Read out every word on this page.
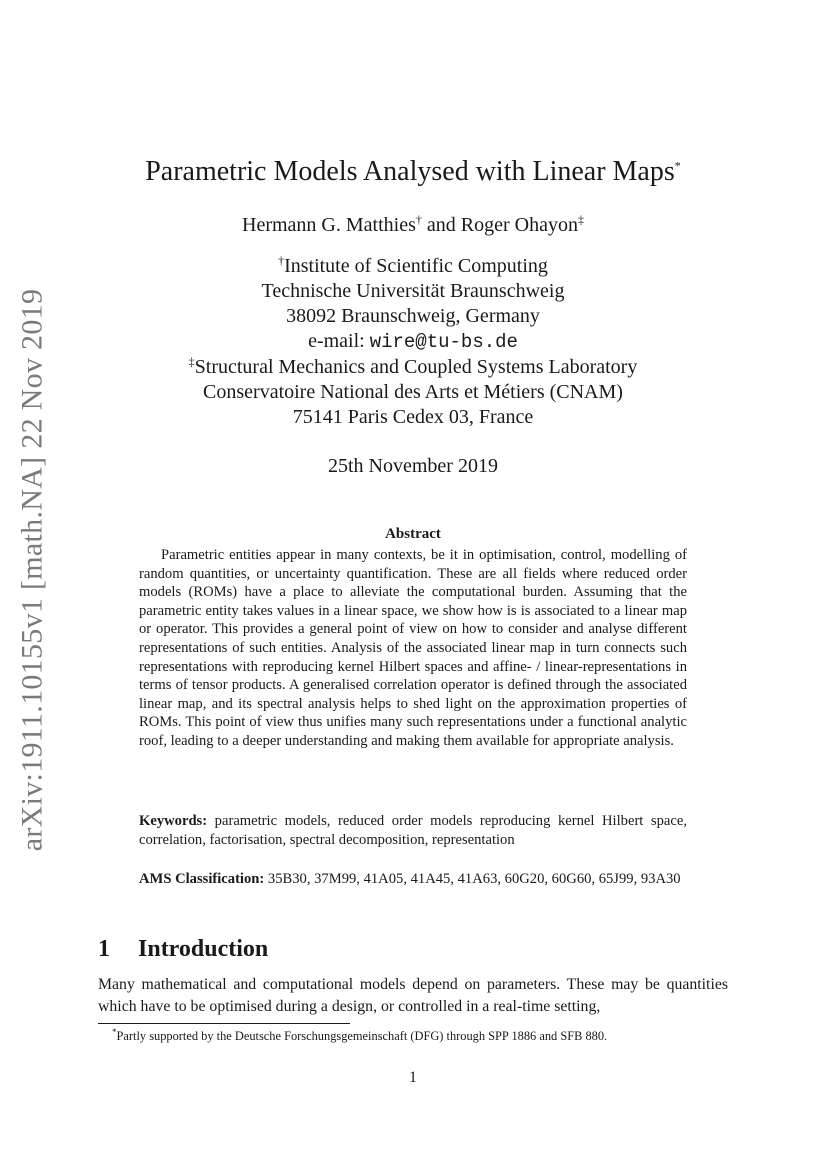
arXiv:1911.10155v1 [math.NA] 22 Nov 2019
Parametric Models Analysed with Linear Maps*
Hermann G. Matthies† and Roger Ohayon‡
†Institute of Scientific Computing
Technische Universität Braunschweig
38092 Braunschweig, Germany
e-mail: wire@tu-bs.de
‡Structural Mechanics and Coupled Systems Laboratory
Conservatoire National des Arts et Métiers (CNAM)
75141 Paris Cedex 03, France
25th November 2019
Abstract

Parametric entities appear in many contexts, be it in optimisation, control, modelling of random quantities, or uncertainty quantification. These are all fields where reduced order models (ROMs) have a place to alleviate the computational burden. Assuming that the parametric entity takes values in a linear space, we show how is is associated to a linear map or operator. This provides a general point of view on how to consider and analyse different representations of such entities. Analysis of the associated linear map in turn connects such representations with reproducing kernel Hilbert spaces and affine- / linear-representations in terms of tensor products. A generalised correlation operator is defined through the associated linear map, and its spectral analysis helps to shed light on the approximation properties of ROMs. This point of view thus unifies many such representations under a functional analytic roof, leading to a deeper understanding and making them available for appropriate analysis.

Keywords: parametric models, reduced order models reproducing kernel Hilbert space, correlation, factorisation, spectral decomposition, representation

AMS Classification: 35B30, 37M99, 41A05, 41A45, 41A63, 60G20, 60G60, 65J99, 93A30

1 Introduction

Many mathematical and computational models depend on parameters. These may be quantities which have to be optimised during a design, or controlled in a real-time setting,

*Partly supported by the Deutsche Forschungsgemeinschaft (DFG) through SPP 1886 and SFB 880.

1
